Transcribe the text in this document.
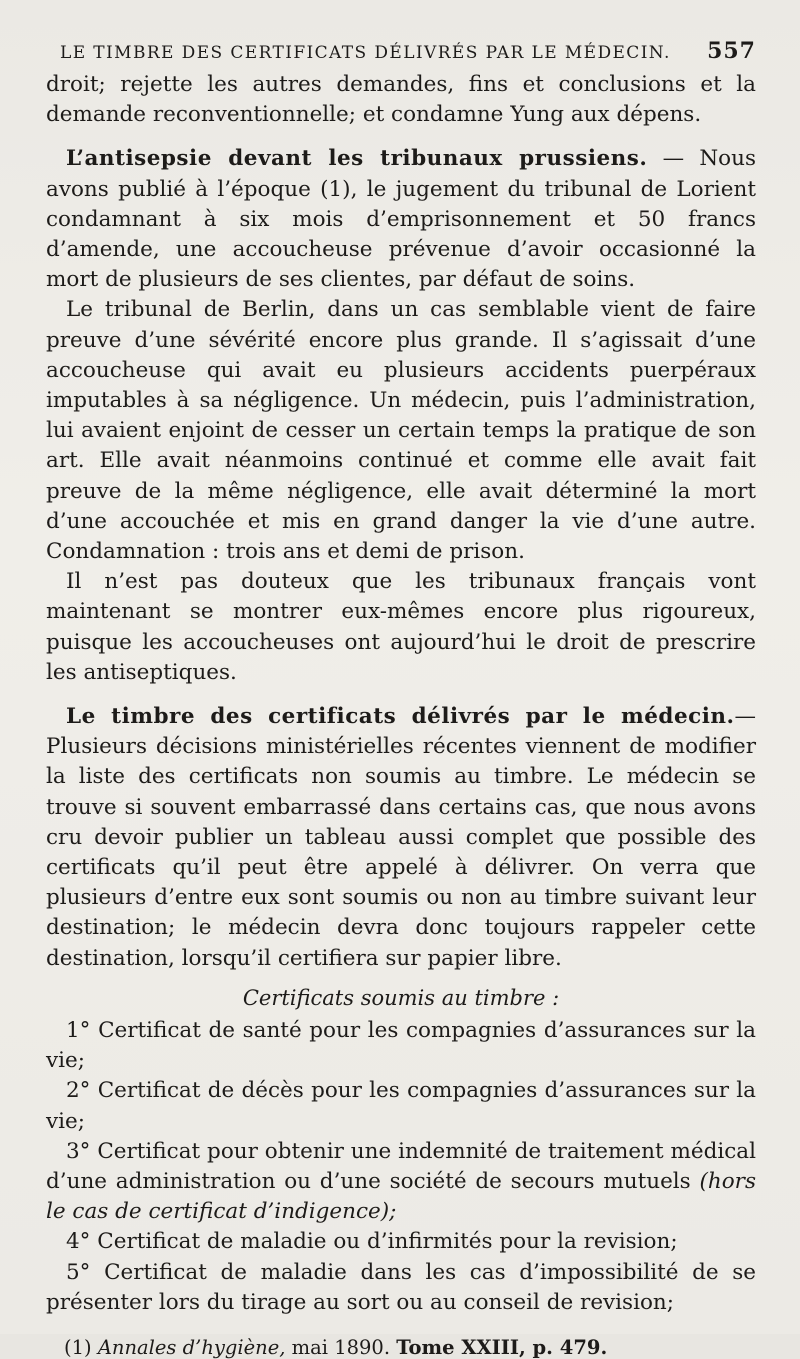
LE TIMBRE DES CERTIFICATS DÉLIVRÉS PAR LE MÉDECIN. 557

droit; rejette les autres demandes, fins et conclusions et la demande reconventionnelle; et condamne Yung aux dépens.

L’antisepsie devant les tribunaux prussiens. — Nous avons publié à l’époque (1), le jugement du tribunal de Lorient condamnant à six mois d’emprisonnement et 50 francs d’amende, une accoucheuse prévenue d’avoir occasionné la mort de plusieurs de ses clientes, par défaut de soins.

Le tribunal de Berlin, dans un cas semblable vient de faire preuve d’une sévérité encore plus grande. Il s’agissait d’une accoucheuse qui avait eu plusieurs accidents puerpéraux imputables à sa négligence. Un médecin, puis l’administration, lui avaient enjoint de cesser un certain temps la pratique de son art. Elle avait néanmoins continué et comme elle avait fait preuve de la même négligence, elle avait déterminé la mort d’une accouchée et mis en grand danger la vie d’une autre. Condamnation : trois ans et demi de prison.

Il n’est pas douteux que les tribunaux français vont maintenant se montrer eux-mêmes encore plus rigoureux, puisque les accoucheuses ont aujourd’hui le droit de prescrire les antiseptiques.

Le timbre des certificats délivrés par le médecin.— Plusieurs décisions ministérielles récentes viennent de modifier la liste des certificats non soumis au timbre. Le médecin se trouve si souvent embarrassé dans certains cas, que nous avons cru devoir publier un tableau aussi complet que possible des certificats qu’il peut être appelé à délivrer. On verra que plusieurs d’entre eux sont soumis ou non au timbre suivant leur destination; le médecin devra donc toujours rappeler cette destination, lorsqu’il certifiera sur papier libre.

Certificats soumis au timbre :

1° Certificat de santé pour les compagnies d’assurances sur la vie;

2° Certificat de décès pour les compagnies d’assurances sur la vie;

3° Certificat pour obtenir une indemnité de traitement médical d’une administration ou d’une société de secours mutuels (hors le cas de certificat d’indigence);

4° Certificat de maladie ou d’infirmités pour la revision;

5° Certificat de maladie dans les cas d’impossibilité de se présenter lors du tirage au sort ou au conseil de revision;

(1) Annales d’hygiène, mai 1890. Tome XXIII, p. 479.
